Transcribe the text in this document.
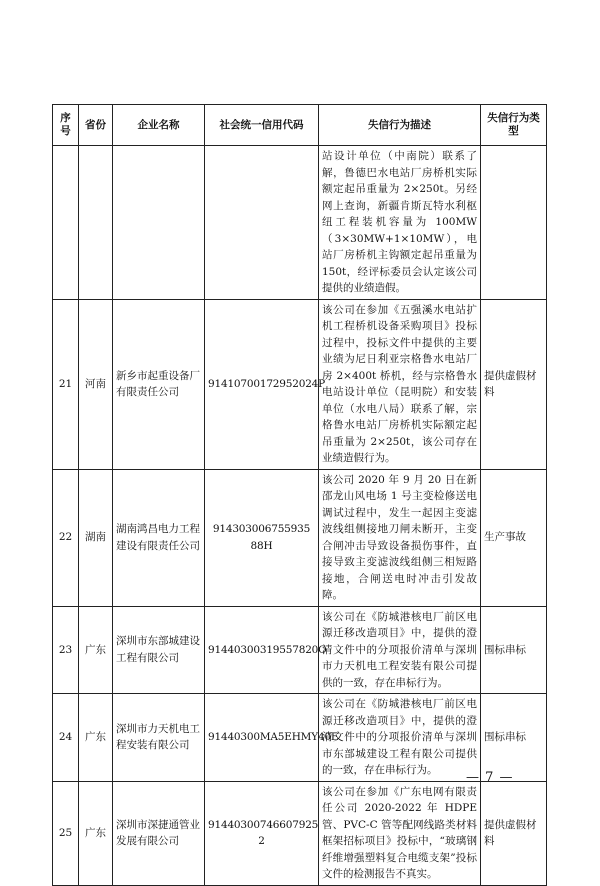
序号	省份	企业名称	社会统一信用代码	失信行为描述	失信行为类型
				站设计单位（中南院）联系了解，鲁德巴水电站厂房桥机实际额定起吊重量为 2×250t。另经网上查询，新疆肯斯瓦特水利枢纽工程装机容量为 100MW（3×30MW+1×10MW），电站厂房桥机主钩额定起吊重量为 150t，经评标委员会认定该公司提供的业绩造假。	
21	河南	新乡市起重设备厂有限责任公司	91410700172952024P	该公司在参加《五强溪水电站扩机工程桥机设备采购项目》投标过程中，投标文件中提供的主要业绩为尼日利亚宗格鲁水电站厂房 2×400t 桥机，经与宗格鲁水电站设计单位（昆明院）和安装单位（水电八局）联系了解，宗格鲁水电站厂房桥机实际额定起吊重量为 2×250t，该公司存在业绩造假行为。	提供虚假材料
22	湖南	湖南鸿昌电力工程建设有限责任公司	914303006755935 88H	该公司 2020 年 9 月 20 日在新邵龙山风电场 1 号主变检修送电调试过程中，发生一起因主变滤波线组侧接地刀闸未断开，主变合闸冲击导致设备损伤事件，直接导致主变滤波线组侧三相短路接地，合闸送电时冲击引发故障。	生产事故
23	广东	深圳市东部城建设工程有限公司	91440300319557820O	该公司在《防城港核电厂前区电源迁移改造项目》中，提供的澄清文件中的分项报价清单与深圳市力天机电工程安装有限公司提供的一致，存在串标行为。	围标串标
24	广东	深圳市力天机电工程安装有限公司	91440300MA5EHMY40E	该公司在《防城港核电厂前区电源迁移改造项目》中，提供的澄清文件中的分项报价清单与深圳市东部城建设工程有限公司提供的一致，存在串标行为。	围标串标
25	广东	深圳市深捷通管业发展有限公司	91440300746607925 2	该公司在参加《广东电网有限责任公司 2020-2022 年 HDPE 管、PVC-C 管等配网线路类材料框架招标项目》投标中，“玻璃钢纤维增强塑料复合电缆支架”投标文件的检测报告不真实。	提供虚假材料
— 7 —
